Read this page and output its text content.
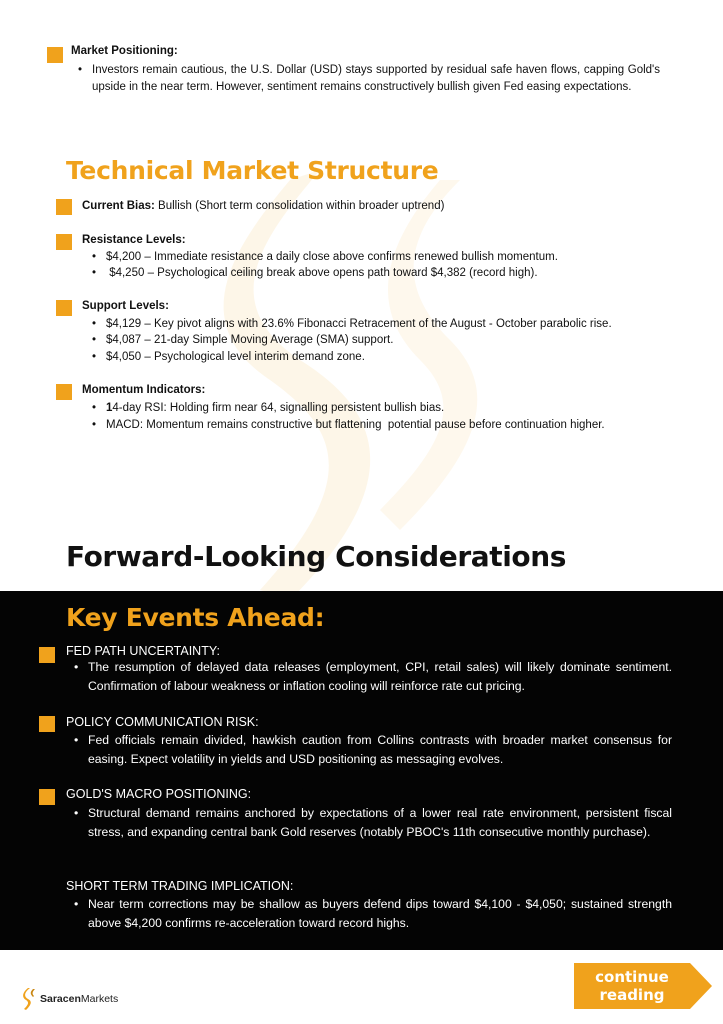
Market Positioning:
• Investors remain cautious, the U.S. Dollar (USD) stays supported by residual safe haven flows, capping Gold's upside in the near term. However, sentiment remains constructively bullish given Fed easing expectations.
Technical Market Structure
Current Bias: Bullish (Short term consolidation within broader uptrend)
Resistance Levels:
• $4,200 – Immediate resistance a daily close above confirms renewed bullish momentum.
•  $4,250 – Psychological ceiling break above opens path toward $4,382 (record high).
Support Levels:
• $4,129 – Key pivot aligns with 23.6% Fibonacci Retracement of the August - October parabolic rise.
• $4,087 – 21-day Simple Moving Average (SMA) support.
• $4,050 – Psychological level interim demand zone.
Momentum Indicators:
• 14-day RSI: Holding firm near 64, signalling persistent bullish bias.
• MACD: Momentum remains constructive but flattening  potential pause before continuation higher.
Forward-Looking Considerations
Key Events Ahead:
FED PATH UNCERTAINTY:
• The resumption of delayed data releases (employment, CPI, retail sales) will likely dominate sentiment. Confirmation of labour weakness or inflation cooling will reinforce rate cut pricing.
POLICY COMMUNICATION RISK:
• Fed officials remain divided, hawkish caution from Collins contrasts with broader market consensus for easing. Expect volatility in yields and USD positioning as messaging evolves.
GOLD'S MACRO POSITIONING:
• Structural demand remains anchored by expectations of a lower real rate environment, persistent fiscal stress, and expanding central bank Gold reserves (notably PBOC's 11th consecutive monthly purchase).
SHORT TERM TRADING IMPLICATION:
• Near term corrections may be shallow as buyers defend dips toward $4,100 - $4,050; sustained strength above $4,200 confirms re-acceleration toward record highs.
SaracenMarkets
continue
reading
